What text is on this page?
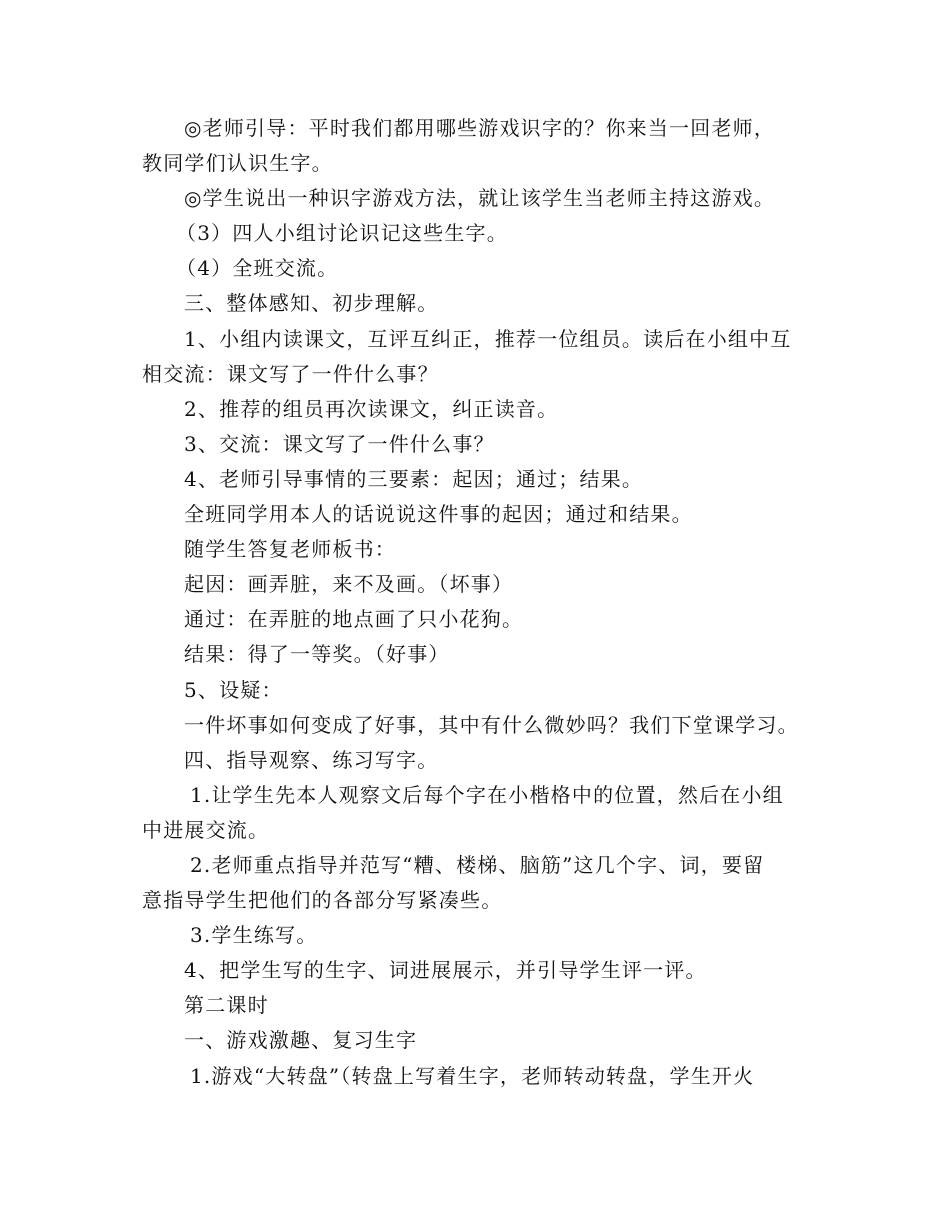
◎老师引导：平时我们都用哪些游戏识字的？你来当一回老师，
教同学们认识生字。
◎学生说出一种识字游戏方法，就让该学生当老师主持这游戏。
（3）四人小组讨论识记这些生字。
（4）全班交流。
三、整体感知、初步理解。
1、小组内读课文，互评互纠正，推荐一位组员。读后在小组中互
相交流：课文写了一件什么事？
2、推荐的组员再次读课文，纠正读音。
3、交流：课文写了一件什么事？
4、老师引导事情的三要素：起因；通过；结果。
全班同学用本人的话说说这件事的起因；通过和结果。
随学生答复老师板书：
起因：画弄脏，来不及画。（坏事）
通过：在弄脏的地点画了只小花狗。
结果：得了一等奖。（好事）
5、设疑：
一件坏事如何变成了好事，其中有什么微妙吗？我们下堂课学习。
四、指导观察、练习写字。
1.让学生先本人观察文后每个字在小楷格中的位置，然后在小组
中进展交流。
2.老师重点指导并范写“糟、楼梯、脑筋”这几个字、词，要留
意指导学生把他们的各部分写紧凑些。
3.学生练写。
4、把学生写的生字、词进展展示，并引导学生评一评。
第二课时
一、游戏激趣、复习生字
1.游戏“大转盘”（转盘上写着生字，老师转动转盘，学生开火
